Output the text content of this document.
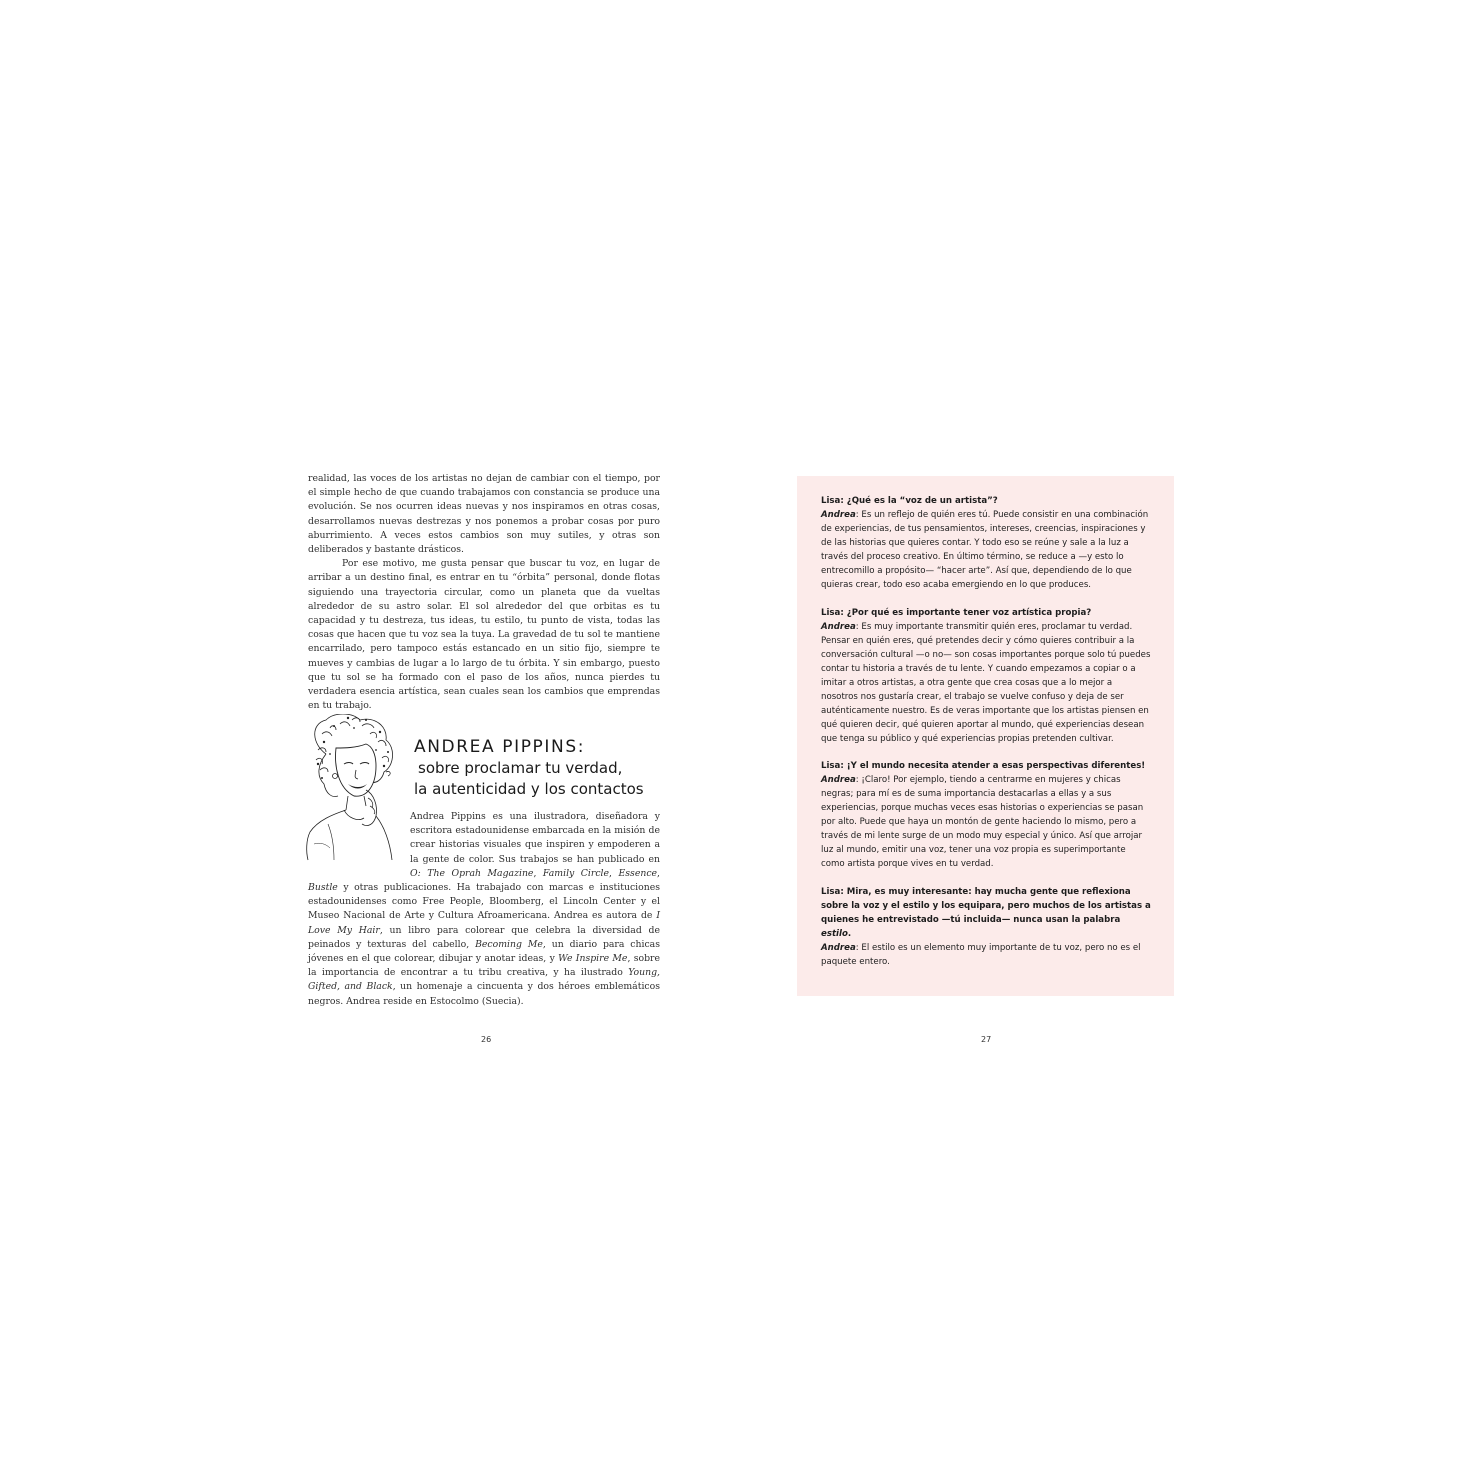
realidad, las voces de los artistas no dejan de cambiar con el tiempo, por el simple hecho de que cuando trabajamos con constancia se produce una evolución. Se nos ocurren ideas nuevas y nos inspiramos en otras cosas, desarrollamos nuevas destrezas y nos ponemos a probar cosas por puro aburrimiento. A veces estos cambios son muy sutiles, y otras son deliberados y bastante drásticos.

Por ese motivo, me gusta pensar que buscar tu voz, en lugar de arribar a un destino final, es entrar en tu “órbita” personal, donde flotas siguiendo una trayectoria circular, como un planeta que da vueltas alrededor de su astro solar. El sol alrededor del que orbitas es tu capacidad y tu destreza, tus ideas, tu estilo, tu punto de vista, todas las cosas que hacen que tu voz sea la tuya. La gravedad de tu sol te mantiene encarrilado, pero tampoco estás estancado en un sitio fijo, siempre te mueves y cambias de lugar a lo largo de tu órbita. Y sin embargo, puesto que tu sol se ha formado con el paso de los años, nunca pierdes tu verdadera esencia artística, sean cuales sean los cambios que emprendas en tu trabajo.

ANDREA PIPPINS:
sobre proclamar tu verdad,
la autenticidad y los contactos
Andrea Pippins es una ilustradora, diseñadora y escritora estadounidense embarcada en la misión de crear historias visuales que inspiren y empoderen a la gente de color. Sus trabajos se han publicado en O: The Oprah Magazine, Family Circle, Essence, Bustle y otras publicaciones. Ha trabajado con marcas e instituciones estadounidenses como Free People, Bloomberg, el Lincoln Center y el Museo Nacional de Arte y Cultura Afroamericana. Andrea es autora de I Love My Hair, un libro para colorear que celebra la diversidad de peinados y texturas del cabello, Becoming Me, un diario para chicas jóvenes en el que colorear, dibujar y anotar ideas, y We Inspire Me, sobre la importancia de encontrar a tu tribu creativa, y ha ilustrado Young, Gifted, and Black, un homenaje a cincuenta y dos héroes emblemáticos negros. Andrea reside en Estocolmo (Suecia).
26

Lisa: ¿Qué es la “voz de un artista”?

Andrea: Es un reflejo de quién eres tú. Puede consistir en una combinación de experiencias, de tus pensamientos, intereses, creencias, inspiraciones y de las historias que quieres contar. Y todo eso se reúne y sale a la luz a través del proceso creativo. En último término, se reduce a —y esto lo entrecomillo a propósito— “hacer arte”. Así que, dependiendo de lo que quieras crear, todo eso acaba emergiendo en lo que produces.

Lisa: ¿Por qué es importante tener voz artística propia?

Andrea: Es muy importante transmitir quién eres, proclamar tu verdad. Pensar en quién eres, qué pretendes decir y cómo quieres contribuir a la conversación cultural —o no— son cosas importantes porque solo tú puedes contar tu historia a través de tu lente. Y cuando empezamos a copiar o a imitar a otros artistas, a otra gente que crea cosas que a lo mejor a nosotros nos gustaría crear, el trabajo se vuelve confuso y deja de ser auténticamente nuestro. Es de veras importante que los artistas piensen en qué quieren decir, qué quieren aportar al mundo, qué experiencias desean que tenga su público y qué experiencias propias pretenden cultivar.

Lisa: ¡Y el mundo necesita atender a esas perspectivas diferentes!

Andrea: ¡Claro! Por ejemplo, tiendo a centrarme en mujeres y chicas negras; para mí es de suma importancia destacarlas a ellas y a sus experiencias, porque muchas veces esas historias o experiencias se pasan por alto. Puede que haya un montón de gente haciendo lo mismo, pero a través de mi lente surge de un modo muy especial y único. Así que arrojar luz al mundo, emitir una voz, tener una voz propia es superimportante como artista porque vives en tu verdad.

Lisa: Mira, es muy interesante: hay mucha gente que reflexiona sobre la voz y el estilo y los equipara, pero muchos de los artistas a quienes he entrevistado —tú incluida— nunca usan la palabra estilo.

Andrea: El estilo es un elemento muy importante de tu voz, pero no es el paquete entero.

27
